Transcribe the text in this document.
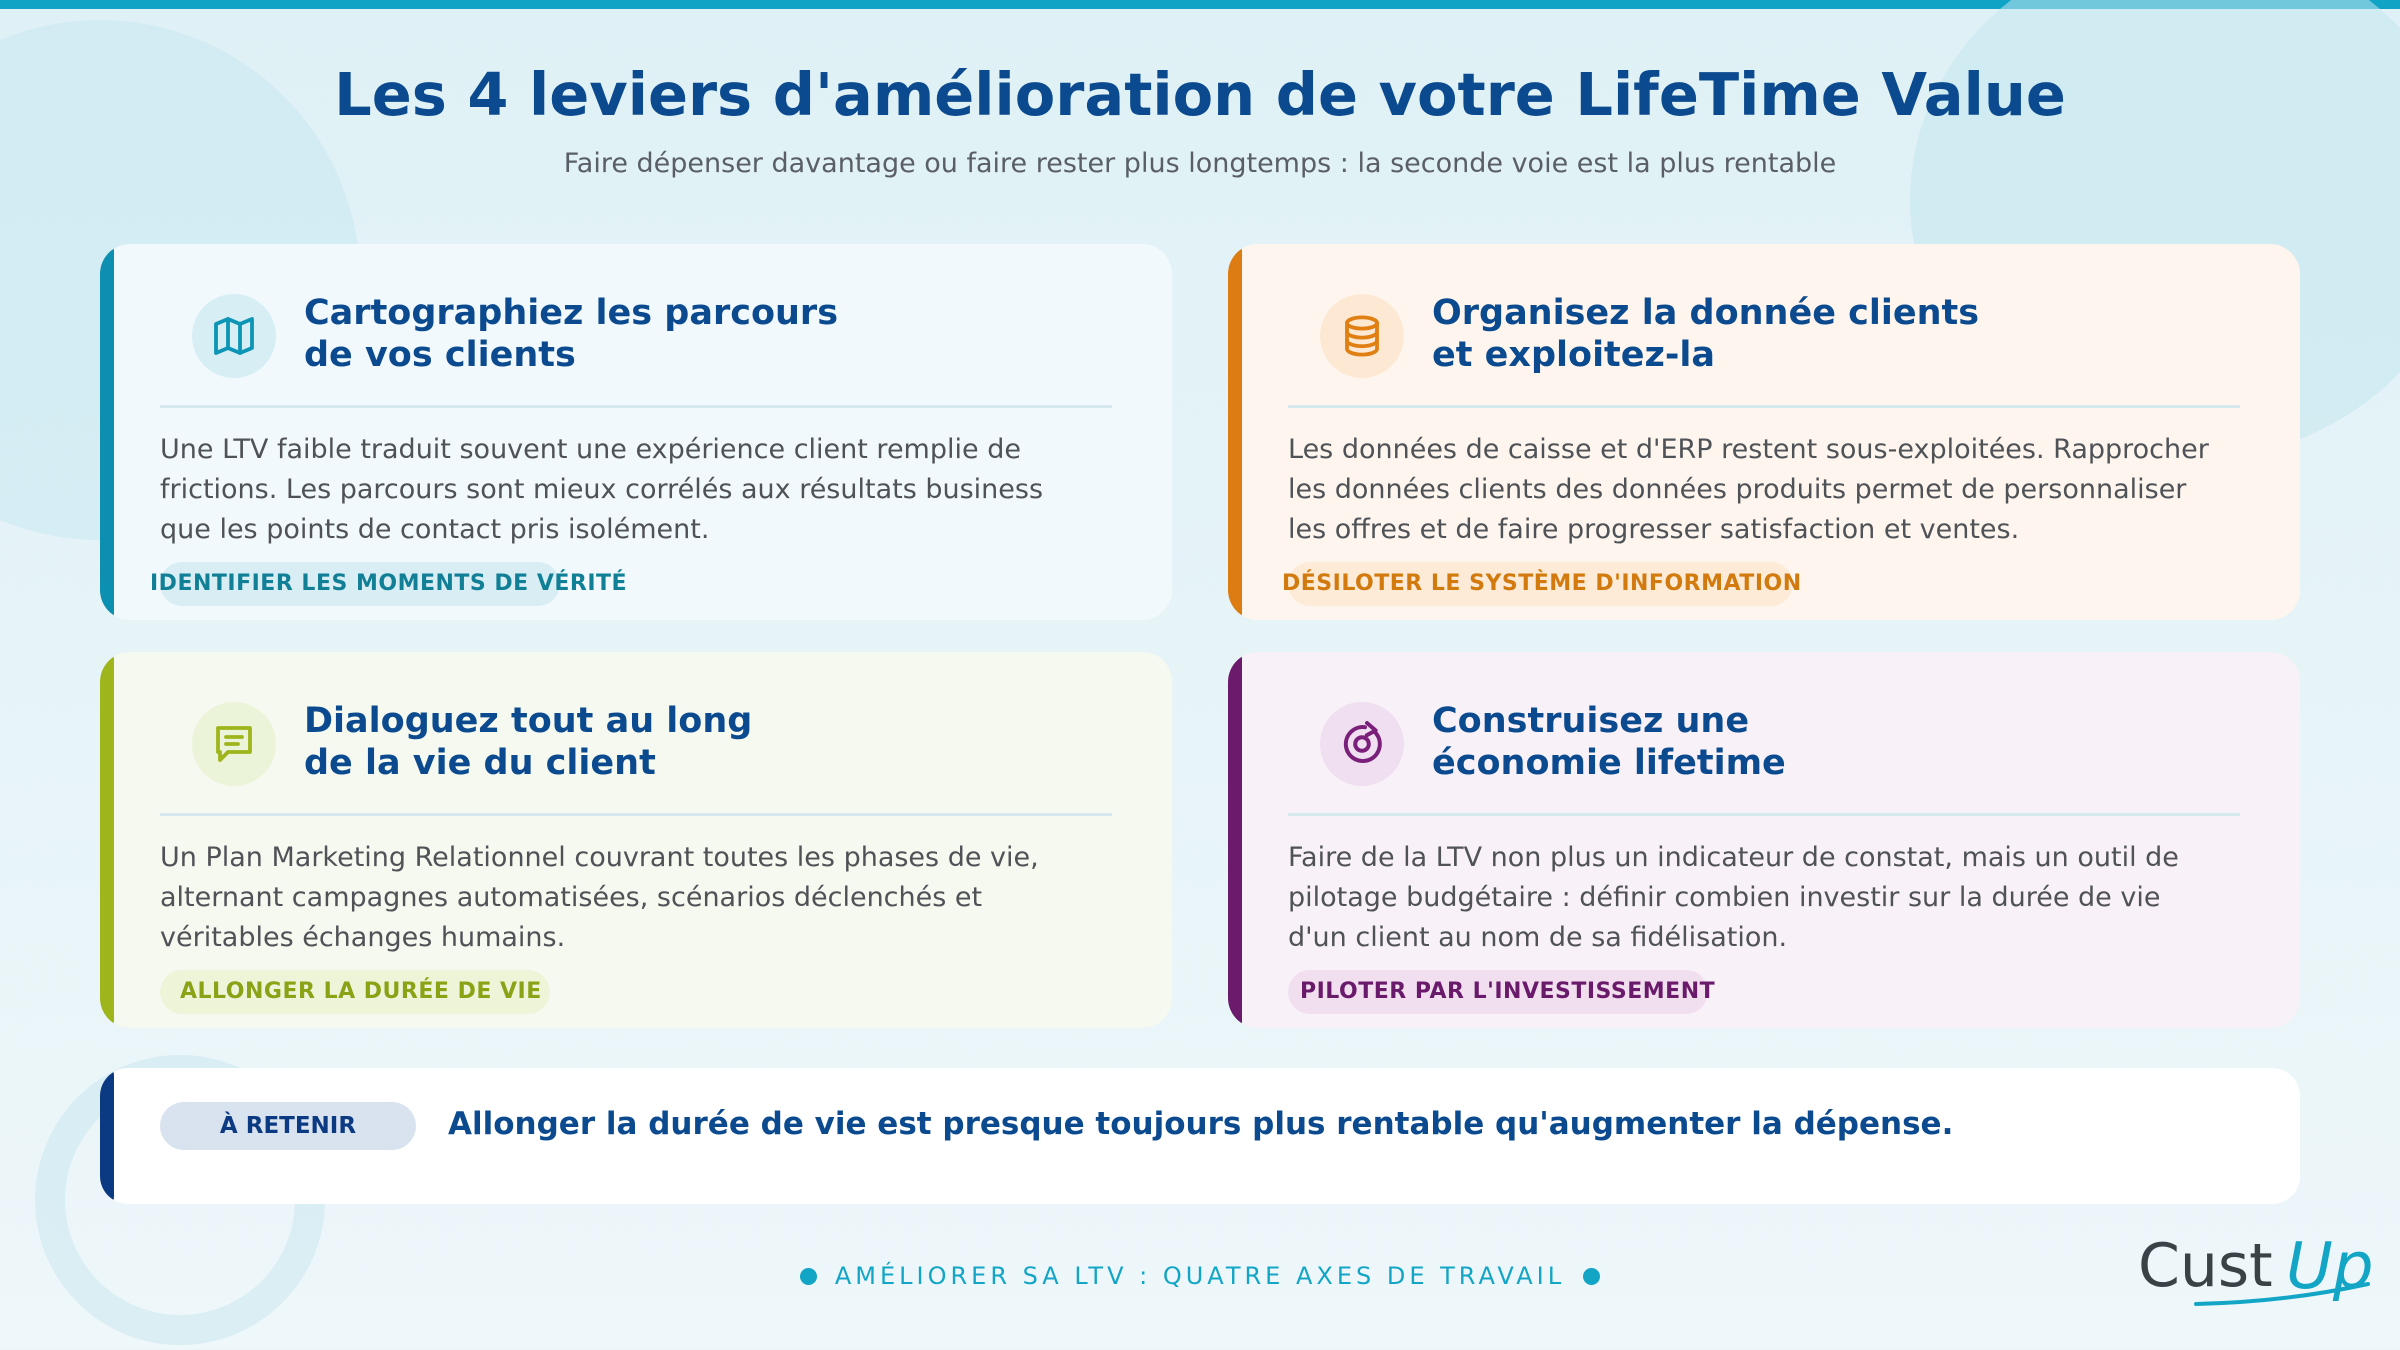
Les 4 leviers d'amélioration de votre LifeTime Value
Faire dépenser davantage ou faire rester plus longtemps : la seconde voie est la plus rentable
Cartographiez les parcours
de vos clients
Une LTV faible traduit souvent une expérience client remplie de
frictions. Les parcours sont mieux corrélés aux résultats business
que les points de contact pris isolément.
IDENTIFIER LES MOMENTS DE VÉRITÉ
Organisez la donnée clients
et exploitez-la
Les données de caisse et d'ERP restent sous-exploitées. Rapprocher
les données clients des données produits permet de personnaliser
les offres et de faire progresser satisfaction et ventes.
DÉSILOTER LE SYSTÈME D'INFORMATION
Dialoguez tout au long
de la vie du client
Un Plan Marketing Relationnel couvrant toutes les phases de vie,
alternant campagnes automatisées, scénarios déclenchés et
véritables échanges humains.
ALLONGER LA DURÉE DE VIE
Construisez une
économie lifetime
Faire de la LTV non plus un indicateur de constat, mais un outil de
pilotage budgétaire : définir combien investir sur la durée de vie
d'un client au nom de sa fidélisation.
PILOTER PAR L'INVESTISSEMENT
À RETENIR	Allonger la durée de vie est presque toujours plus rentable qu'augmenter la dépense.
AMÉLIORER SA LTV : QUATRE AXES DE TRAVAIL	Cust Up
